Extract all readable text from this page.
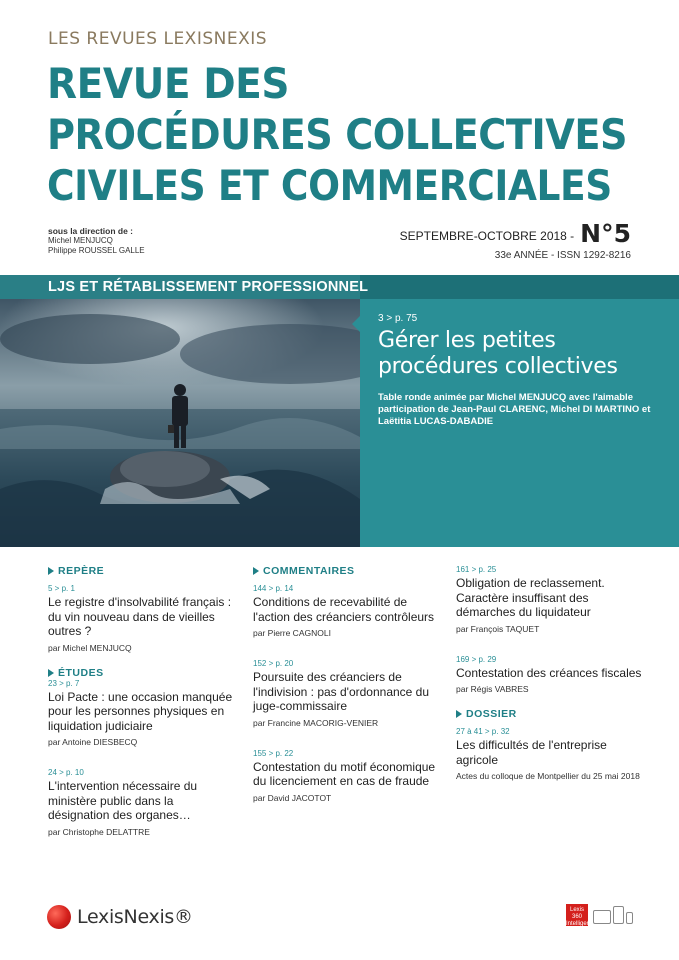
LES REVUES LEXISNEXIS
REVUE DES
PROCÉDURES COLLECTIVES
CIVILES ET COMMERCIALES
sous la direction de :
Michel MENJUCQ
Philippe ROUSSEL GALLE
SEPTEMBRE-OCTOBRE 2018 - N°5
33e ANNÉE - ISSN 1292-8216
LJS ET RÉTABLISSEMENT PROFESSIONNEL
3 > p. 75
Gérer les petites procédures collectives
Table ronde animée par Michel MENJUCQ avec l'aimable participation de Jean-Paul CLARENC, Michel DI MARTINO et Laëtitia LUCAS-DABADIE
REPÈRE
5 > p. 1
Le registre d'insolvabilité français : du vin nouveau dans de vieilles outres ?
par Michel MENJUCQ
ÉTUDES
23 > p. 7
Loi Pacte : une occasion manquée pour les personnes physiques en liquidation judiciaire
par Antoine DIESBECQ
24 > p. 10
L'intervention nécessaire du ministère public dans la désignation des organes…
par Christophe DELATTRE
COMMENTAIRES
144 > p. 14
Conditions de recevabilité de l'action des créanciers contrôleurs
par Pierre CAGNOLI
152 > p. 20
Poursuite des créanciers de l'indivision : pas d'ordonnance du juge-commissaire
par Francine MACORIG-VENIER
155 > p. 22
Contestation du motif économique du licenciement en cas de fraude
par David JACOTOT
161 > p. 25
Obligation de reclassement. Caractère insuffisant des démarches du liquidateur
par François TAQUET
169 > p. 29
Contestation des créances fiscales
par Régis VABRES
DOSSIER
27 à 41 > p. 32
Les difficultés de l'entreprise agricole
Actes du colloque de Montpellier du 25 mai 2018
LexisNexis®	Lexis 360 Intelligence
